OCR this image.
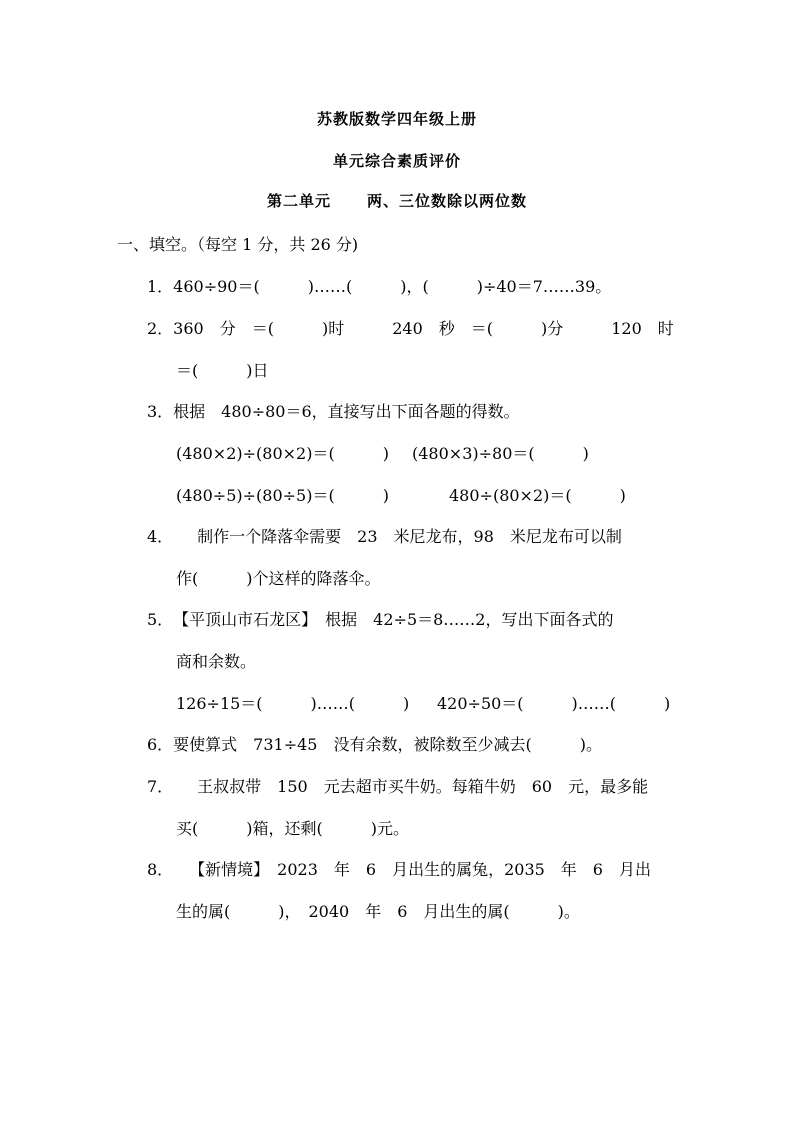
苏教版数学四年级上册
单元综合素质评价
第二单元 两、三位数除以两位数
一、填空。（每空 1 分，共 26 分)
1．460÷90＝(　　　)……(　　　)，(　　　)÷40＝7……39。
2．360　分　＝(　　　)时　　　240　秒　＝(　　　)分　　　120　时
＝(　　　)日
3．根据　480÷80＝6，直接写出下面各题的得数。
(480×2)÷(80×2)＝(　　　) (480×3)÷80＝(　　　)
(480÷5)÷(80÷5)＝(　　　)	480÷(80×2)＝(　　　)
4．　　制作一个降落伞需要　23　米尼龙布，98　米尼龙布可以制
作(　　　)个这样的降落伞。
5．　【平顶山市石龙区】　根据　42÷5＝8……2，写出下面各式的
商和余数。
126÷15＝(　　　)……(　　　) 420÷50＝(　　　)……(　　　)
6．要使算式　731÷45　没有余数，被除数至少减去(　　　)。
7．　　王叔叔带　150　元去超市买牛奶。每箱牛奶　60　元，最多能
买(　　　)箱，还剩(　　　)元。
8．　　【新情境】　2023　年　6　月出生的属兔，2035　年　6　月出
生的属(　　　)，　2040　年　6　月出生的属(　　　)。
